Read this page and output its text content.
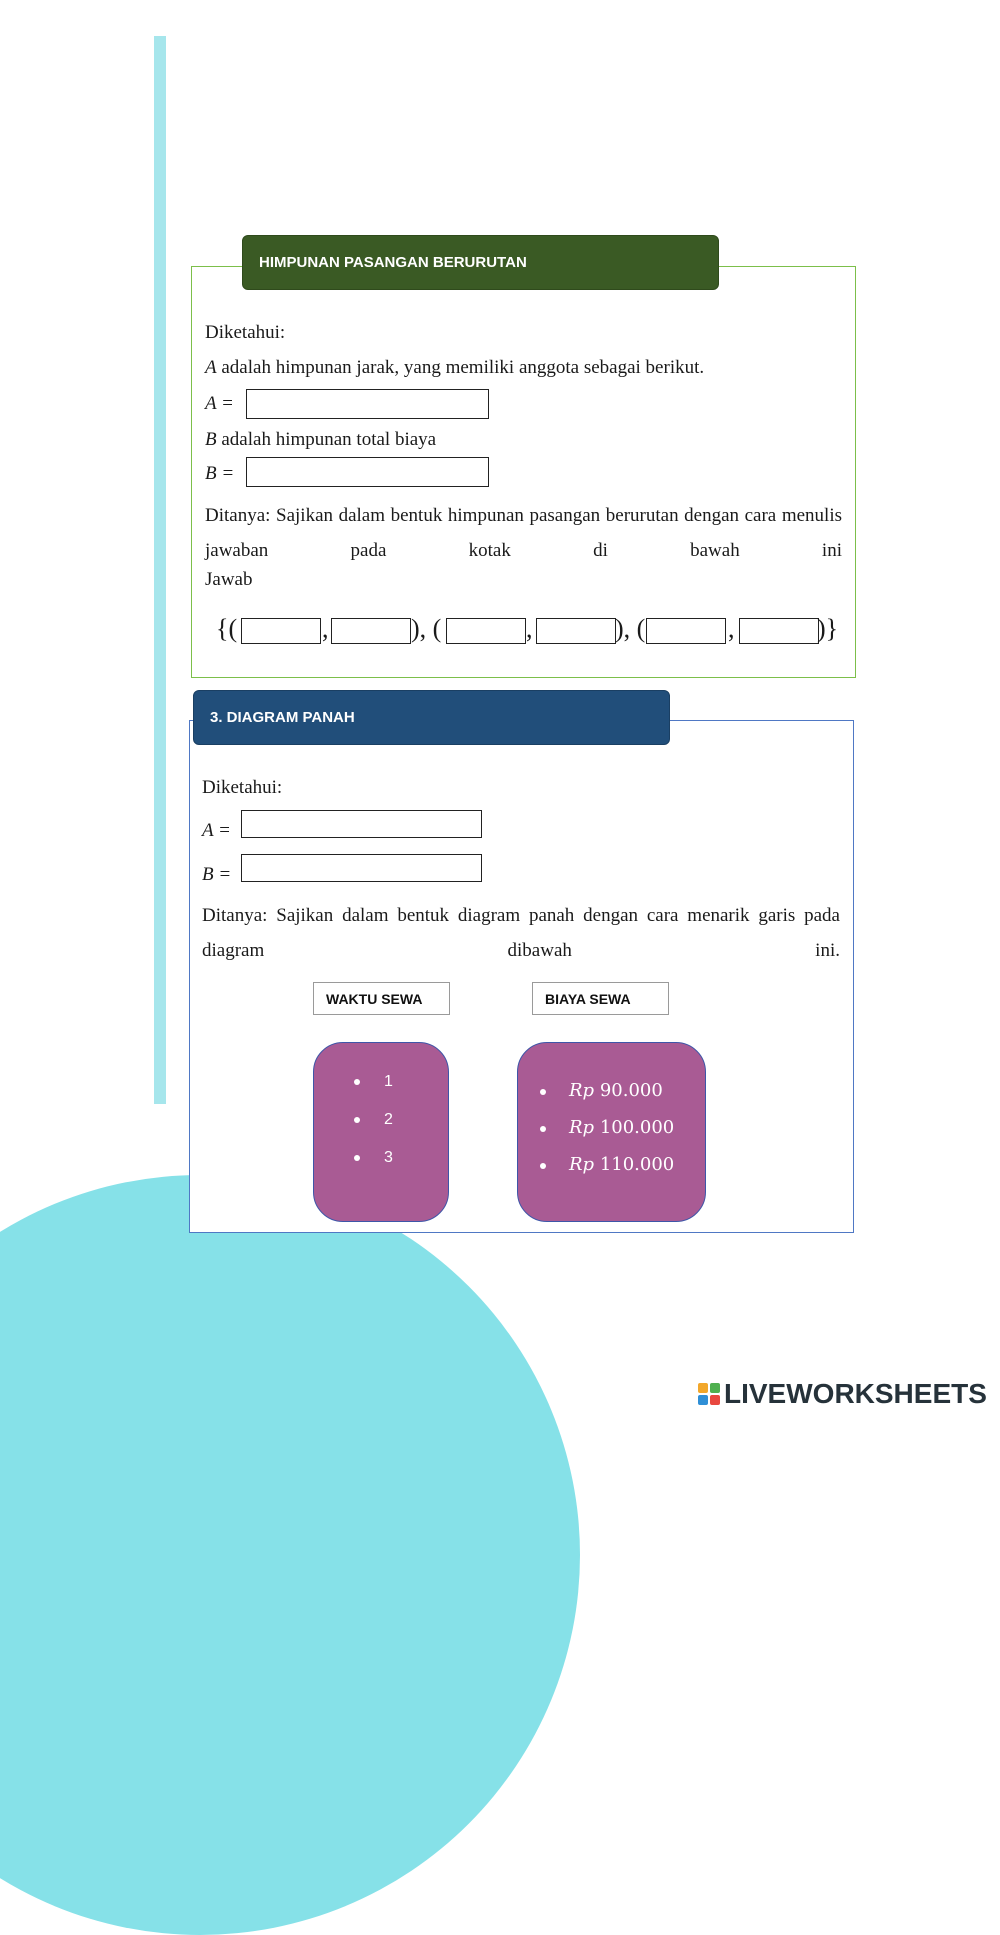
HIMPUNAN PASANGAN BERURUTAN
Diketahui:
A adalah himpunan jarak, yang memiliki anggota sebagai berikut.
A =
B adalah himpunan total biaya
B =
Ditanya: Sajikan dalam bentuk himpunan pasangan berurutan dengan cara menulis jawaban pada kotak di bawah ini
Jawab
{(	,	), (	,	), (	,	)}
3. DIAGRAM PANAH
Diketahui:
A =
B =
Ditanya: Sajikan dalam bentuk diagram panah dengan cara menarik garis pada diagram dibawah ini.
WAKTU SEWA	BIAYA SEWA
1
2
3
Rp 90.000
Rp 100.000
Rp 110.000
LIVEWORKSHEETS
